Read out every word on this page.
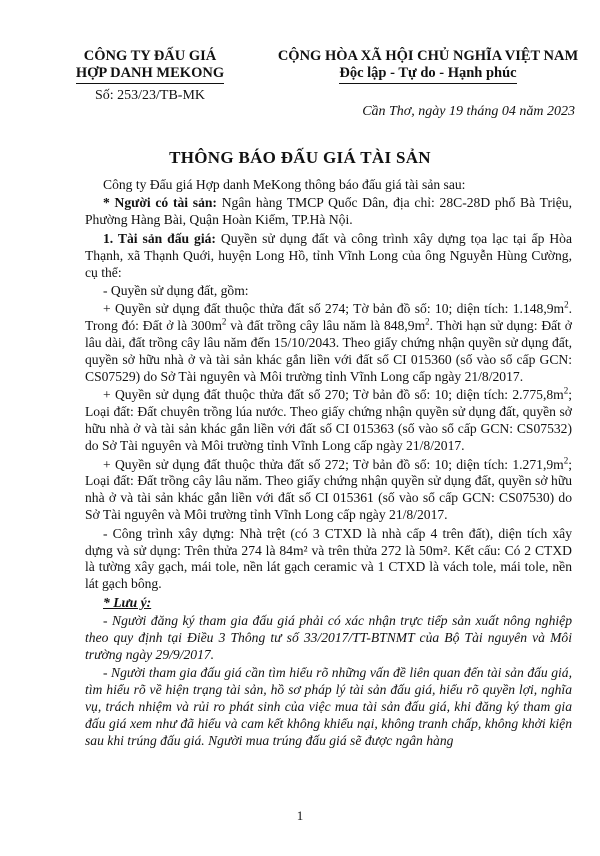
CÔNG TY ĐẤU GIÁ
HỢP DANH MEKONG
Số: 253/23/TB-MK
CỘNG HÒA XÃ HỘI CHỦ NGHĨA VIỆT NAM
Độc lập - Tự do - Hạnh phúc
Cần Thơ, ngày 19 tháng 04 năm 2023
THÔNG BÁO ĐẤU GIÁ TÀI SẢN

Công ty Đấu giá Hợp danh MeKong thông báo đấu giá tài sản sau:

* Người có tài sản: Ngân hàng TMCP Quốc Dân, địa chỉ: 28C-28D phố Bà Triệu, Phường Hàng Bài, Quận Hoàn Kiếm, TP.Hà Nội.

1. Tài sản đấu giá: Quyền sử dụng đất và công trình xây dựng tọa lạc tại ấp Hòa Thạnh, xã Thạnh Quới, huyện Long Hồ, tỉnh Vĩnh Long của ông Nguyễn Hùng Cường, cụ thể:

- Quyền sử dụng đất, gồm:

+ Quyền sử dụng đất thuộc thửa đất số 274; Tờ bản đồ số: 10; diện tích: $1.148,9m^2$. Trong đó: Đất ở là $300m^2$ và đất trồng cây lâu năm là $848,9m^2$. Thời hạn sử dụng: Đất ở lâu dài, đất trồng cây lâu năm đến 15/10/2043. Theo giấy chứng nhận quyền sử dụng đất, quyền sở hữu nhà ở và tài sản khác gắn liền với đất số CI 015360 (số vào sổ cấp GCN: CS07529) do Sở Tài nguyên và Môi trường tỉnh Vĩnh Long cấp ngày 21/8/2017.

+ Quyền sử dụng đất thuộc thửa đất số 270; Tờ bản đồ số: 10; diện tích: $2.775,8m^2$; Loại đất: Đất chuyên trồng lúa nước. Theo giấy chứng nhận quyền sử dụng đất, quyền sở hữu nhà ở và tài sản khác gắn liền với đất số CI 015363 (số vào sổ cấp GCN: CS07532) do Sở Tài nguyên và Môi trường tỉnh Vĩnh Long cấp ngày 21/8/2017.

+ Quyền sử dụng đất thuộc thửa đất số 272; Tờ bản đồ số: 10; diện tích: $1.271,9m^2$; Loại đất: Đất trồng cây lâu năm. Theo giấy chứng nhận quyền sử dụng đất, quyền sở hữu nhà ở và tài sản khác gắn liền với đất số CI 015361 (số vào sổ cấp GCN: CS07530) do Sở Tài nguyên và Môi trường tỉnh Vĩnh Long cấp ngày 21/8/2017.

- Công trình xây dựng: Nhà trệt (có 3 CTXD là nhà cấp 4 trên đất), diện tích xây dựng và sử dụng: Trên thửa 274 là 84m² và trên thửa 272 là 50m². Kết cấu: Có 2 CTXD là tường xây gạch, mái tole, nền lát gạch ceramic và 1 CTXD là vách tole, mái tole, nền lát gạch bông.

* Lưu ý:

- Người đăng ký tham gia đấu giá phải có xác nhận trực tiếp sản xuất nông nghiệp theo quy định tại Điều 3 Thông tư số 33/2017/TT-BTNMT của Bộ Tài nguyên và Môi trường ngày 29/9/2017.

- Người tham gia đấu giá cần tìm hiểu rõ những vấn đề liên quan đến tài sản đấu giá, tìm hiểu rõ về hiện trạng tài sản, hồ sơ pháp lý tài sản đấu giá, hiểu rõ quyền lợi, nghĩa vụ, trách nhiệm và rủi ro phát sinh của việc mua tài sản đấu giá, khi đăng ký tham gia đấu giá xem như đã hiểu và cam kết không khiếu nại, không tranh chấp, không khởi kiện sau khi trúng đấu giá. Người mua trúng đấu giá sẽ được ngân hàng

1
